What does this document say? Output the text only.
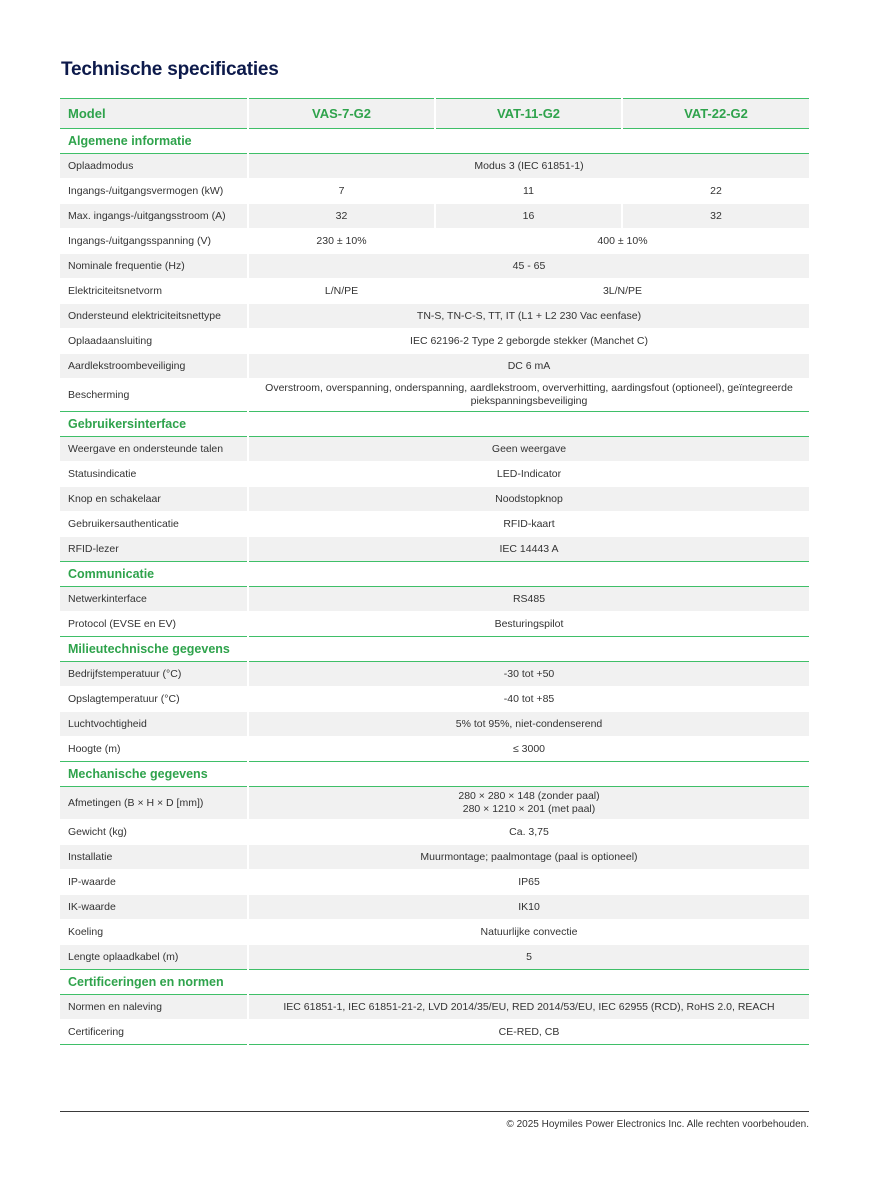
Technische specificaties
Model	VAS-7-G2	VAT-11-G2	VAT-22-G2
Algemene informatie			
Oplaadmodus	Modus 3 (IEC 61851-1)		
Ingangs-/uitgangsvermogen (kW)	7	11	22
Max. ingangs-/uitgangsstroom (A)	32	16	32
Ingangs-/uitgangsspanning (V)	230 ± 10%	400 ± 10%	
Nominale frequentie (Hz)	45 - 65		
Elektriciteitsnetvorm	L/N/PE	3L/N/PE	
Ondersteund elektriciteitsnettype	TN-S, TN-C-S, TT, IT (L1 + L2 230 Vac eenfase)		
Oplaadaansluiting	IEC 62196-2 Type 2 geborgde stekker (Manchet C)		
Aardlekstroombeveiliging	DC 6 mA		
Bescherming	Overstroom, overspanning, onderspanning, aardlekstroom, oververhitting, aardingsfout (optioneel), geïntegreerde piekspanningsbeveiliging		
Gebruikersinterface			
Weergave en ondersteunde talen	Geen weergave		
Statusindicatie	LED-Indicator		
Knop en schakelaar	Noodstopknop		
Gebruikersauthenticatie	RFID-kaart		
RFID-lezer	IEC 14443 A		
Communicatie			
Netwerkinterface	RS485		
Protocol (EVSE en EV)	Besturingspilot		
Milieutechnische gegevens			
Bedrijfstemperatuur (°C)	-30 tot +50		
Opslagtemperatuur (°C)	-40 tot +85		
Luchtvochtigheid	5% tot 95%, niet-condenserend		
Hoogte (m)	≤ 3000		
Mechanische gegevens			
Afmetingen (B × H × D [mm])	280 × 280 × 148 (zonder paal)
280 × 1210 × 201 (met paal)		
Gewicht (kg)	Ca. 3,75		
Installatie	Muurmontage; paalmontage (paal is optioneel)		
IP-waarde	IP65		
IK-waarde	IK10		
Koeling	Natuurlijke convectie		
Lengte oplaadkabel (m)	5		
Certificeringen en normen			
Normen en naleving	IEC 61851-1, IEC 61851-21-2, LVD 2014/35/EU, RED 2014/53/EU, IEC 62955 (RCD), RoHS 2.0, REACH		
Certificering	CE-RED, CB		
© 2025 Hoymiles Power Electronics Inc. Alle rechten voorbehouden.
